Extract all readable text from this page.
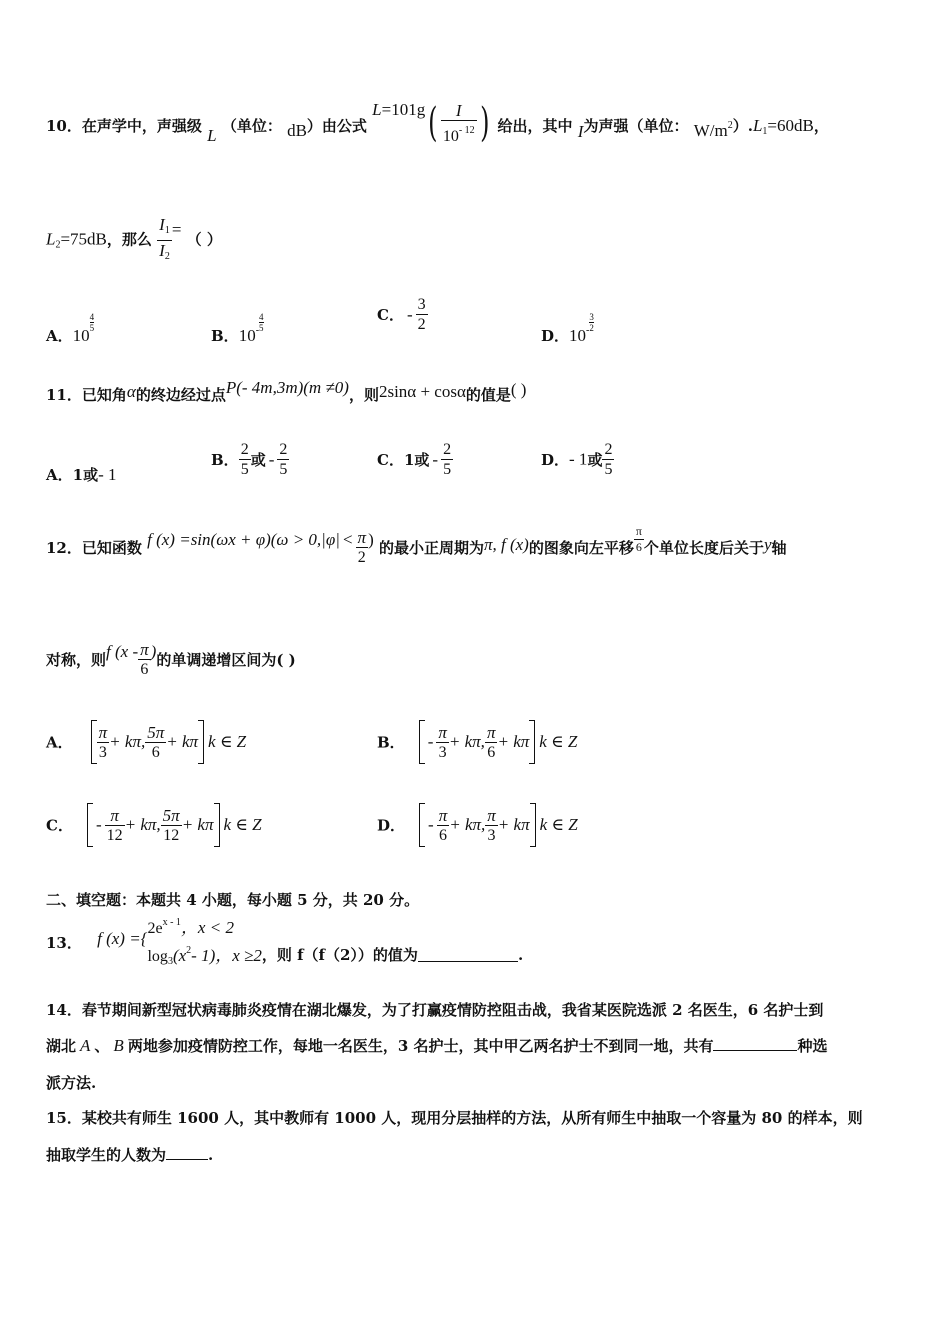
10．在声学中，声强级 L （单位： dB）由公式 $L=101g( \frac{I}{10^{- 12}}$ ) 给出，其中 I为声强（单位： $W/m^2).L_1=60dB$，
$L_2=75dB$，那么 $\frac{I_1}{I_2}$ = （ ）
A．10
$\frac{4}{5}$
B．$10^- \frac{4}{5}$	C． - $\frac{3}{2}$
D．$10^- \frac{3}{2}$
11．已知角α的终边经过点P(- 4m,3m)(m ≠0)，则2sinα + cosα的值是( )
A．1或- 1
B． $\frac{2}{5}$ 或 - $\frac{2}{5}$	C．1或 - $\frac{2}{5}$	D．- 1或 $\frac{2}{5}$
12．已知函数 f $(x) =\sin(\omega x + \varphi)(\omega > 0,|\varphi| < \frac{\pi}{2}$ ) 的最小正周期为π, f (x)的图象向左平移 $\frac{\pi}{6}$ 个单位长度后关于y轴
对称，则f ($x - \frac{\pi}{6}$ )的单调递增区间为( )
A． $\frac{\pi}{3} + k\pi$, $\frac{5\pi}{6} + k\pi$ k ∈ Z	B． - $\frac{\pi}{3} + k\pi$, $\frac{\pi}{6} + k\pi$ k ∈ Z
C． - $\frac{\pi}{12} + k\pi$, $\frac{5\pi}{12} + k\pi$ k ∈ Z	D． - $\frac{\pi}{6} + k\pi$, $\frac{\pi}{3} + k\pi$ k ∈ Z
二、填空题：本题共 4 小题，每小题 5 分，共 20 分。
13． f (x) ={ $2e^{x - 1}$，x < 2
$\log_3(x^2-$ 1)，x ≥2 ，则 f（f（2））的值为	.
14．春节期间新型冠状病毒肺炎疫情在湖北爆发，为了打赢疫情防控阻击战，我省某医院选派 2 名医生，6 名护士到
湖北 A 、 B 两地参加疫情防控工作，每地一名医生，3 名护士，其中甲乙两名护士不到同一地，共有	种选
派方法.
15．某校共有师生 1600 人，其中教师有 1000 人，现用分层抽样的方法，从所有师生中抽取一个容量为 80 的样本，则
抽取学生的人数为	.
